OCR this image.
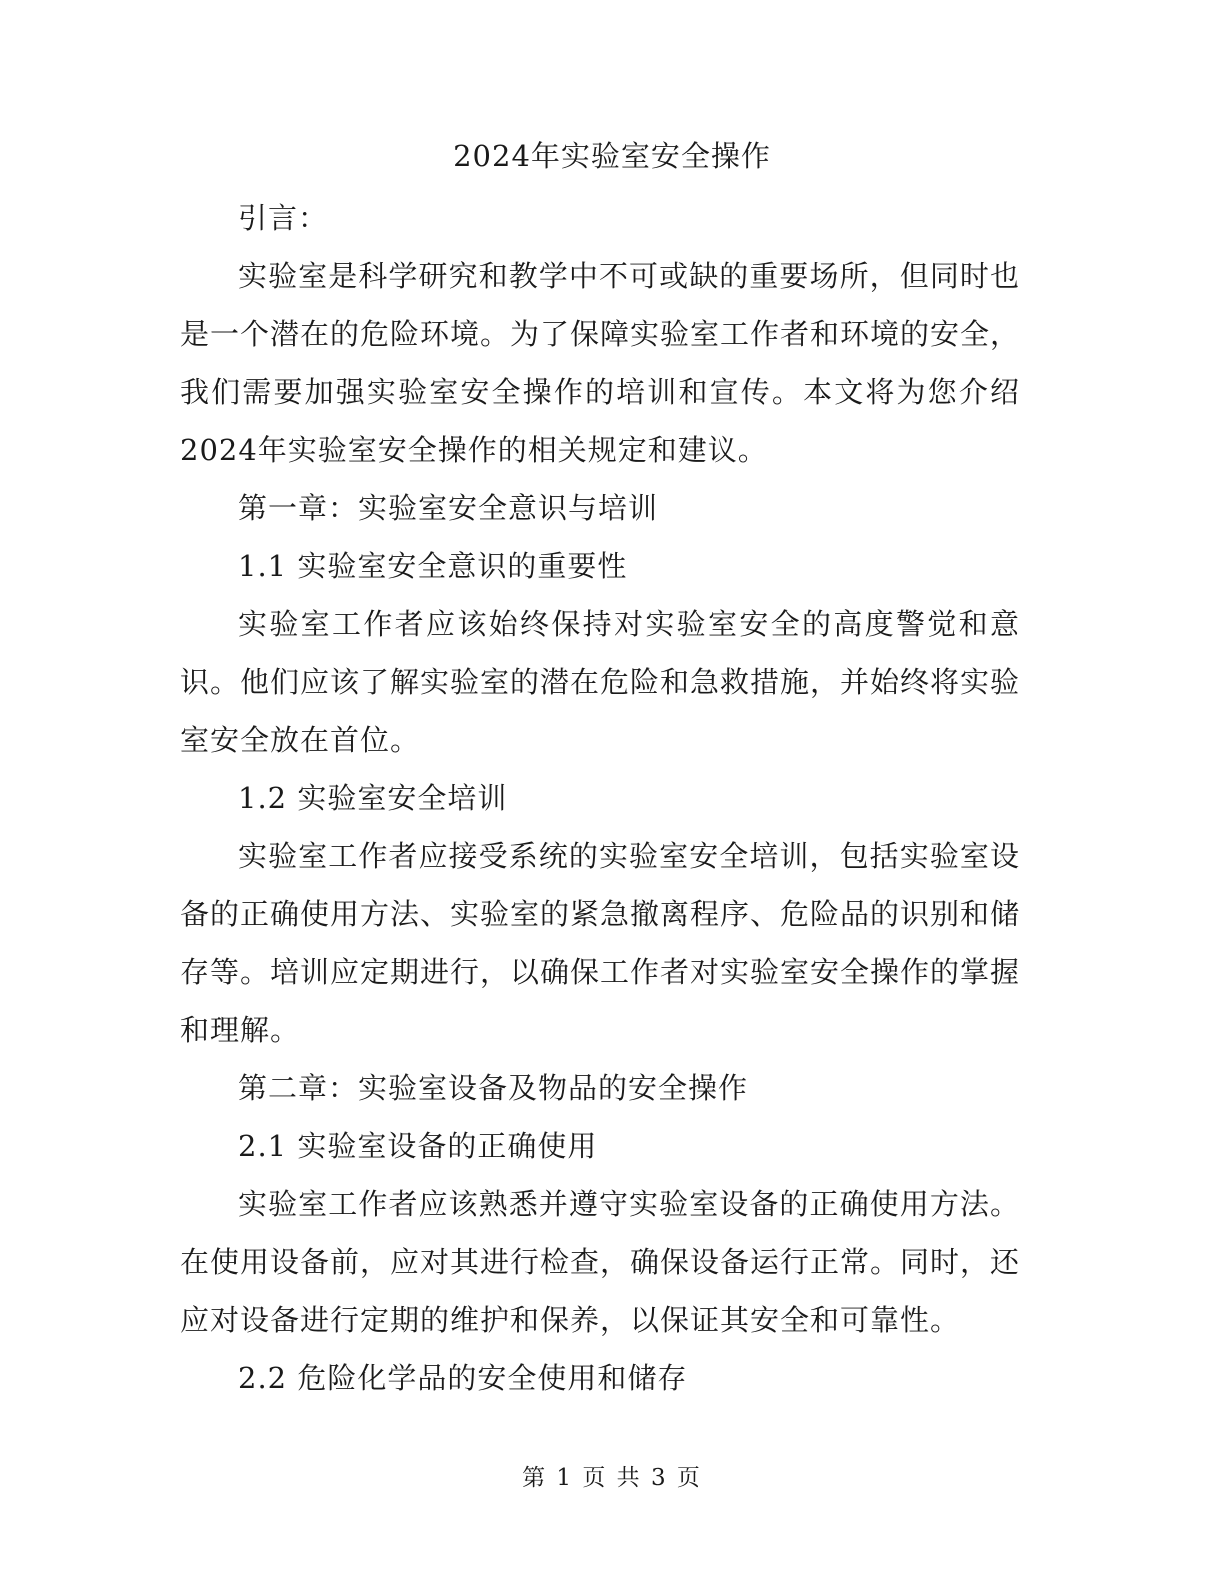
2024年实验室安全操作

引言：

实验室是科学研究和教学中不可或缺的重要场所，但同时也是一个潜在的危险环境。为了保障实验室工作者和环境的安全，我们需要加强实验室安全操作的培训和宣传。本文将为您介绍2024年实验室安全操作的相关规定和建议。

第一章：实验室安全意识与培训

1.1 实验室安全意识的重要性

实验室工作者应该始终保持对实验室安全的高度警觉和意识。他们应该了解实验室的潜在危险和急救措施，并始终将实验室安全放在首位。

1.2 实验室安全培训

实验室工作者应接受系统的实验室安全培训，包括实验室设备的正确使用方法、实验室的紧急撤离程序、危险品的识别和储存等。培训应定期进行，以确保工作者对实验室安全操作的掌握和理解。

第二章：实验室设备及物品的安全操作

2.1 实验室设备的正确使用

实验室工作者应该熟悉并遵守实验室设备的正确使用方法。在使用设备前，应对其进行检查，确保设备运行正常。同时，还应对设备进行定期的维护和保养，以保证其安全和可靠性。

2.2 危险化学品的安全使用和储存

第 1 页 共 3 页
